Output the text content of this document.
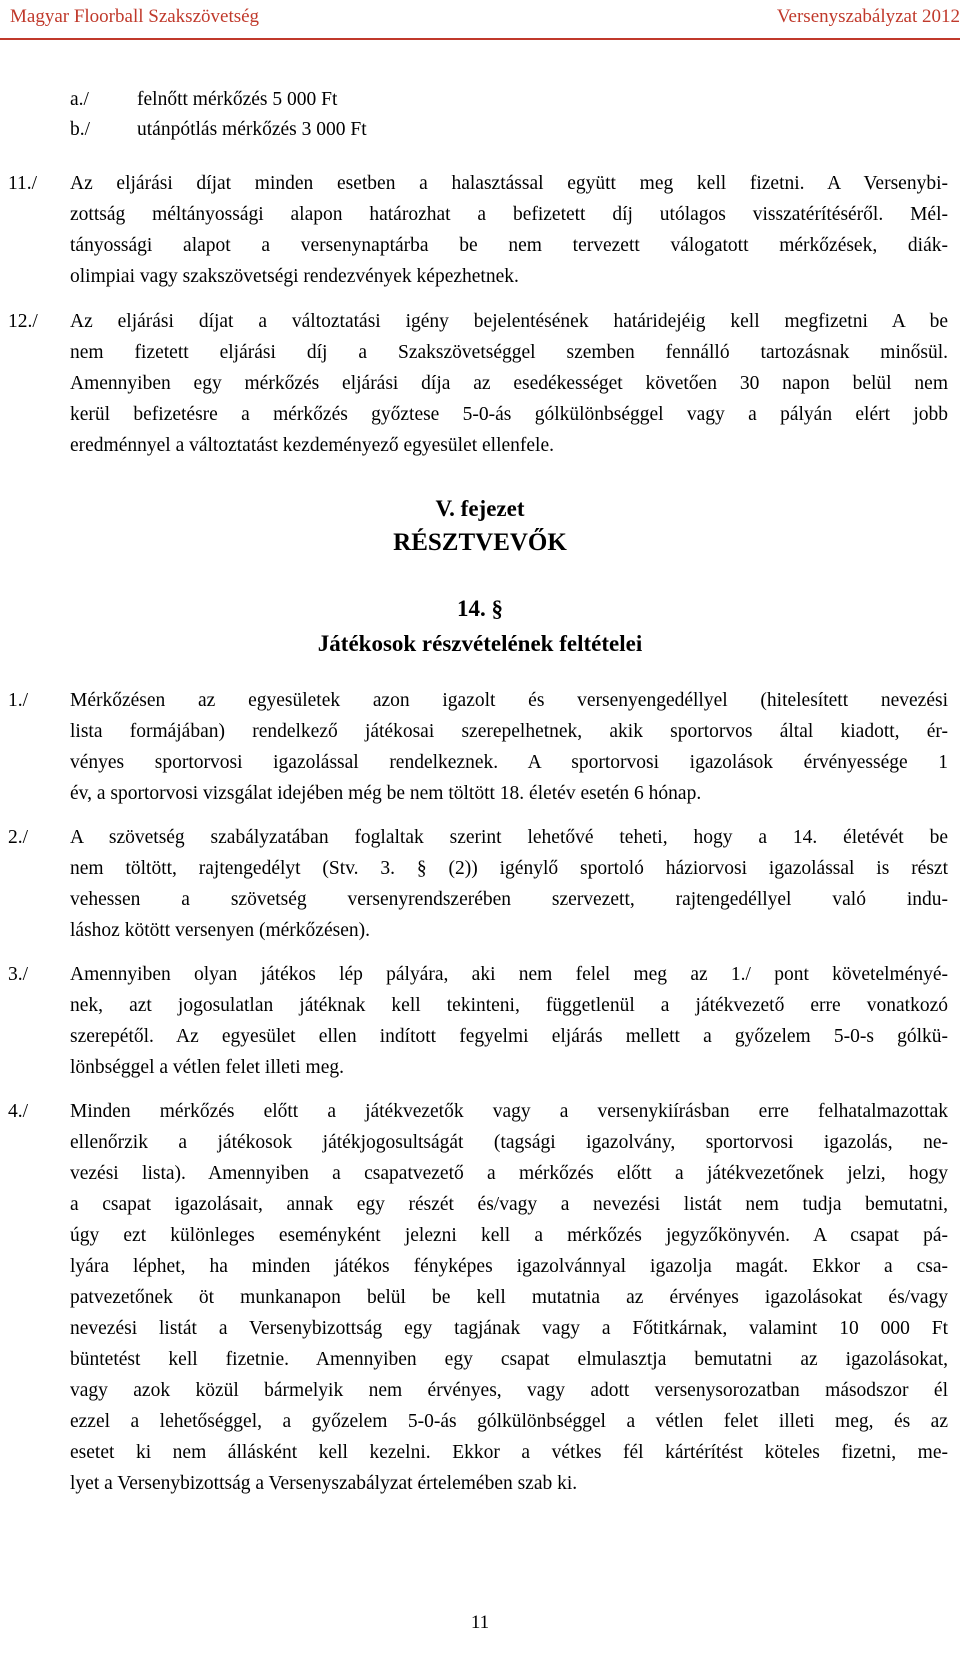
Magyar Floorball Szakszövetség	Versenyszabályzat 2012
a./ felnőtt mérkőzés 5 000 Ft
b./ utánpótlás mérkőzés 3 000 Ft
11./ Az eljárási díjat minden esetben a halasztással együtt meg kell fizetni. A Versenybi-
zottság méltányossági alapon határozhat a befizetett díj utólagos visszatérítéséről. Mél-
tányossági alapot a versenynaptárba be nem tervezett válogatott mérkőzések, diák-
olimpiai vagy szakszövetségi rendezvények képezhetnek.
12./ Az eljárási díjat a változtatási igény bejelentésének határidejéig kell megfizetni A be
nem fizetett eljárási díj a Szakszövetséggel szemben fennálló tartozásnak minősül.
Amennyiben egy mérkőzés eljárási díja az esedékességet követően 30 napon belül nem
kerül befizetésre a mérkőzés győztese 5-0-ás gólkülönbséggel vagy a pályán elért jobb
eredménnyel a változtatást kezdeményező egyesület ellenfele.
V. fejezet
RÉSZTVEVŐK
14. §
Játékosok részvételének feltételei
1./ Mérkőzésen az egyesületek azon igazolt és versenyengedéllyel (hitelesített nevezési
lista formájában) rendelkező játékosai szerepelhetnek, akik sportorvos által kiadott, ér-
vényes sportorvosi igazolással rendelkeznek. A sportorvosi igazolások érvényessége 1
év, a sportorvosi vizsgálat idejében még be nem töltött 18. életév esetén 6 hónap.
2./ A szövetség szabályzatában foglaltak szerint lehetővé teheti, hogy a 14. életévét be
nem töltött, rajtengedélyt (Stv. 3. § (2)) igénylő sportoló háziorvosi igazolással is részt
vehessen a szövetség versenyrendszerében szervezett, rajtengedéllyel való indu-
láshoz kötött versenyen (mérkőzésen).
3./ Amennyiben olyan játékos lép pályára, aki nem felel meg az 1./ pont követelményé-
nek, azt jogosulatlan játéknak kell tekinteni, függetlenül a játékvezető erre vonatkozó
szerepétől. Az egyesület ellen indított fegyelmi eljárás mellett a győzelem 5-0-s gólkü-
lönbséggel a vétlen felet illeti meg.
4./ Minden mérkőzés előtt a játékvezetők vagy a versenykiírásban erre felhatalmazottak
ellenőrzik a játékosok játékjogosultságát (tagsági igazolvány, sportorvosi igazolás, ne-
vezési lista). Amennyiben a csapatvezető a mérkőzés előtt a játékvezetőnek jelzi, hogy
a csapat igazolásait, annak egy részét és/vagy a nevezési listát nem tudja bemutatni,
úgy ezt különleges eseményként jelezni kell a mérkőzés jegyzőkönyvén. A csapat pá-
lyára léphet, ha minden játékos fényképes igazolvánnyal igazolja magát. Ekkor a csa-
patvezetőnek öt munkanapon belül be kell mutatnia az érvényes igazolásokat és/vagy
nevezési listát a Versenybizottság egy tagjának vagy a Főtitkárnak, valamint 10 000 Ft
büntetést kell fizetnie. Amennyiben egy csapat elmulasztja bemutatni az igazolásokat,
vagy azok közül bármelyik nem érvényes, vagy adott versenysorozatban másodszor él
ezzel a lehetőséggel, a győzelem 5-0-ás gólkülönbséggel a vétlen felet illeti meg, és az
esetet ki nem állásként kell kezelni. Ekkor a vétkes fél kártérítést köteles fizetni, me-
lyet a Versenybizottság a Versenyszabályzat értelemében szab ki.
11
